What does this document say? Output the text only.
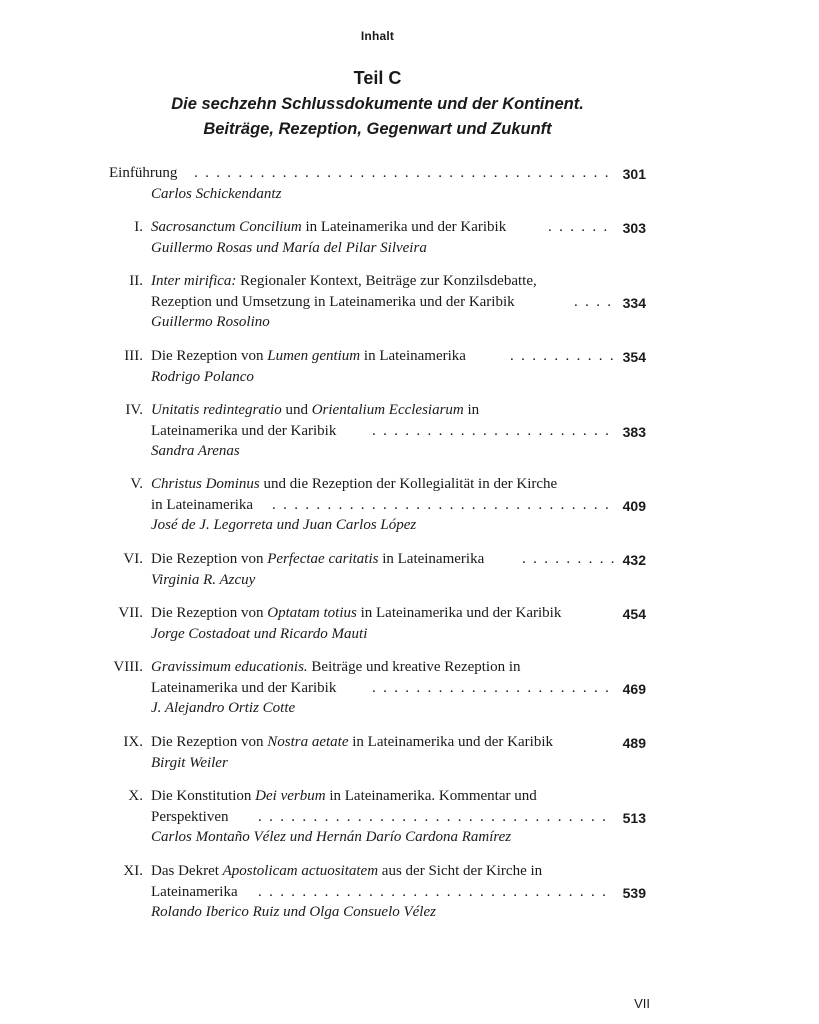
Inhalt
Teil C
Die sechzehn Schlussdokumente und der Kontinent.
Beiträge, Rezeption, Gegenwart und Zukunft
Einführung . . .	301
Carlos Schickendantz
I. Sacrosanctum Concilium in Lateinamerika und der Karibik . . .	303
Guillermo Rosas und María del Pilar Silveira
II. Inter mirifica: Regionaler Kontext, Beiträge zur Konzilsdebatte,
Rezeption und Umsetzung in Lateinamerika und der Karibik . . .	334
Guillermo Rosolino
III. Die Rezeption von Lumen gentium in Lateinamerika . . .	354
Rodrigo Polanco
IV. Unitatis redintegratio und Orientalium Ecclesiarum in
Lateinamerika und der Karibik . . .	383
Sandra Arenas
V. Christus Dominus und die Rezeption der Kollegialität in der Kirche
in Lateinamerika . . .	409
José de J. Legorreta und Juan Carlos López
VI. Die Rezeption von Perfectae caritatis in Lateinamerika . . .	432
Virginia R. Azcuy
VII. Die Rezeption von Optatam totius in Lateinamerika und der Karibik	454
Jorge Costadoat und Ricardo Mauti
VIII. Gravissimum educationis. Beiträge und kreative Rezeption in
Lateinamerika und der Karibik . . .	469
J. Alejandro Ortiz Cotte
IX. Die Rezeption von Nostra aetate in Lateinamerika und der Karibik	489
Birgit Weiler
X. Die Konstitution Dei verbum in Lateinamerika. Kommentar und
Perspektiven . . .	513
Carlos Montaño Vélez und Hernán Darío Cardona Ramírez
XI. Das Dekret Apostolicam actuositatem aus der Sicht der Kirche in
Lateinamerika . . .	539
Rolando Iberico Ruiz und Olga Consuelo Vélez
VII
